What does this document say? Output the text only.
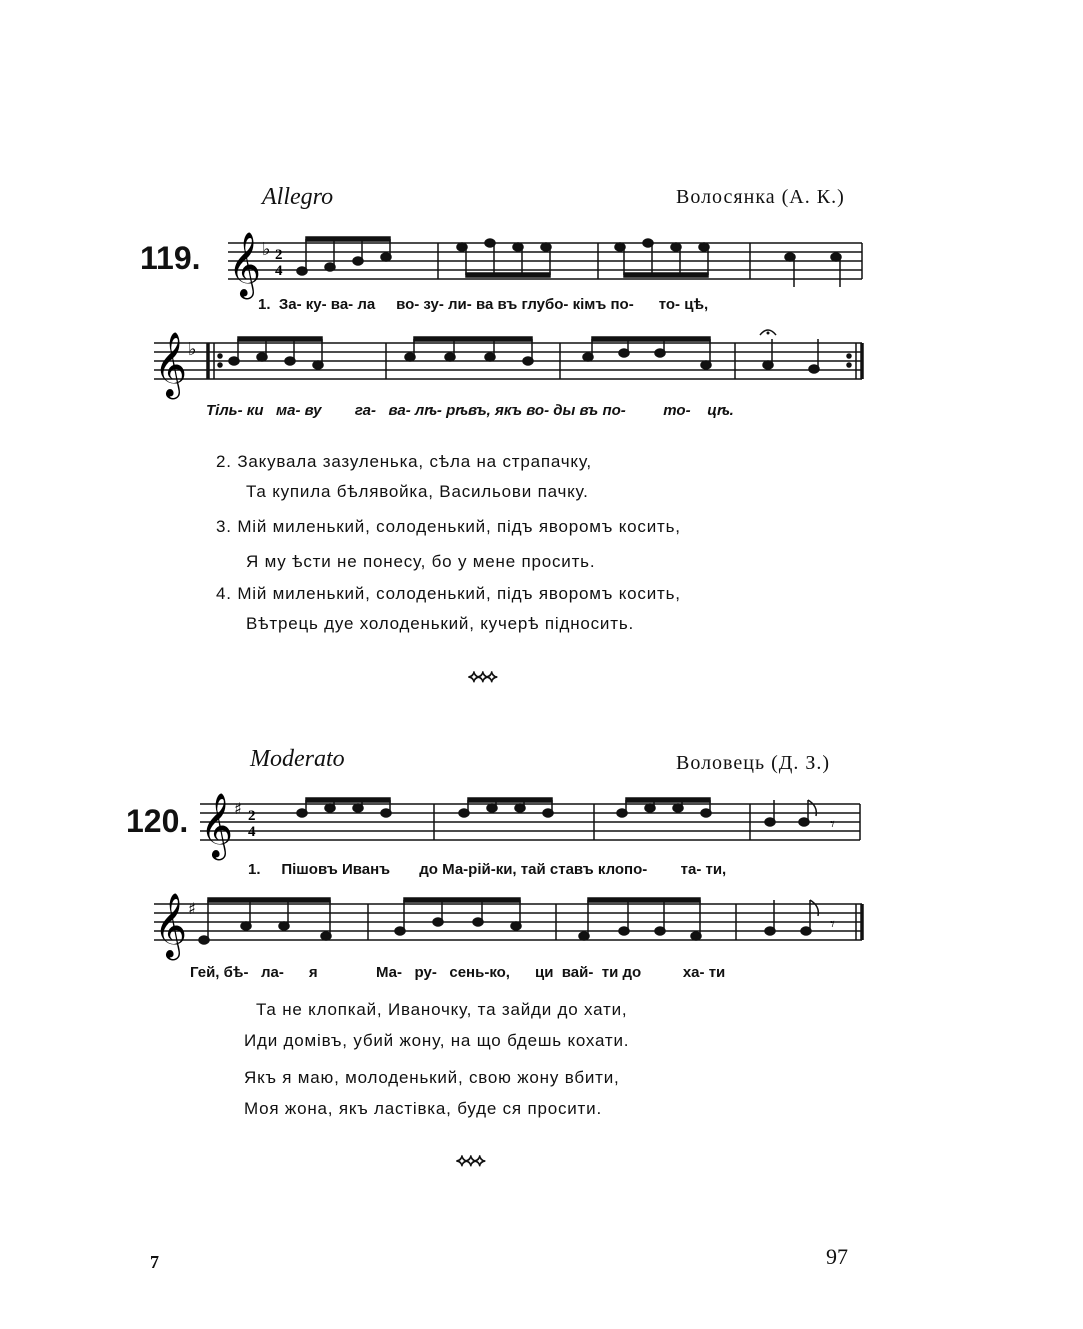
Allegro	Волосянка (А. К.)
119. 𝄞 ♭ 2
4
1. За- ку- ва- ла во- зу- ли- ва въ глубо- кімъ по- то- цѣ,
𝄞 ♭
Тіль- ки ма- ву га- ва- лѣ- рѣвъ, якъ во- ды въ по-	то- цѣ.
2. Закувала зазуленька, сѣла на страпачку,
Та купила бѣлявойка, Васильови пачку.
3. Мій миленький, солоденький, підъ яворомъ косить,
Я му ѣсти не понесу, бо у мене просить.
4. Мій миленький, солоденький, підъ яворомъ косить,
Вѣтрець дуе холоденький, кучерѣ підносить.
⟡⟡⟡
Moderato	Воловець (Д. З.)
120. 𝄞 ♯ 2
4	𝄾
1. Пішовъ Иванъ до Ма-рій-ки, тай ставъ клопо- та- ти,
𝄞 ♯
𝄾
Гей, бѣ- ла- я	Ма- ру- сень-ко, ци вай- ти до	ха- ти
Та не клопкай, Иваночку, та зайди до хати,
Иди домівъ, убий жону, на що бдешь кохати.
Якъ я маю, молоденький, свою жону вбити,
Моя жона, якъ ластівка, буде ся просити.
⟡⟡⟡
7	97
